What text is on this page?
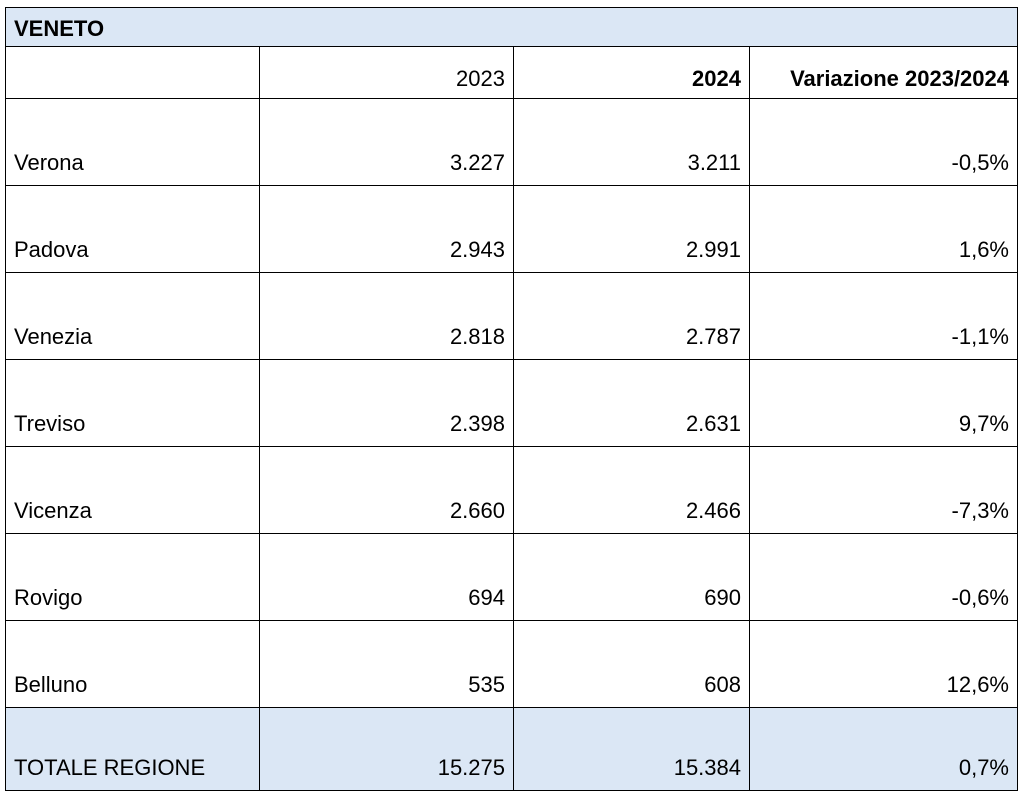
VENETO			
	2023	2024	Variazione 2023/2024
Verona	3.227	3.211	-0,5%
Padova	2.943	2.991	1,6%
Venezia	2.818	2.787	-1,1%
Treviso	2.398	2.631	9,7%
Vicenza	2.660	2.466	-7,3%
Rovigo	694	690	-0,6%
Belluno	535	608	12,6%
TOTALE REGIONE	15.275	15.384	0,7%
